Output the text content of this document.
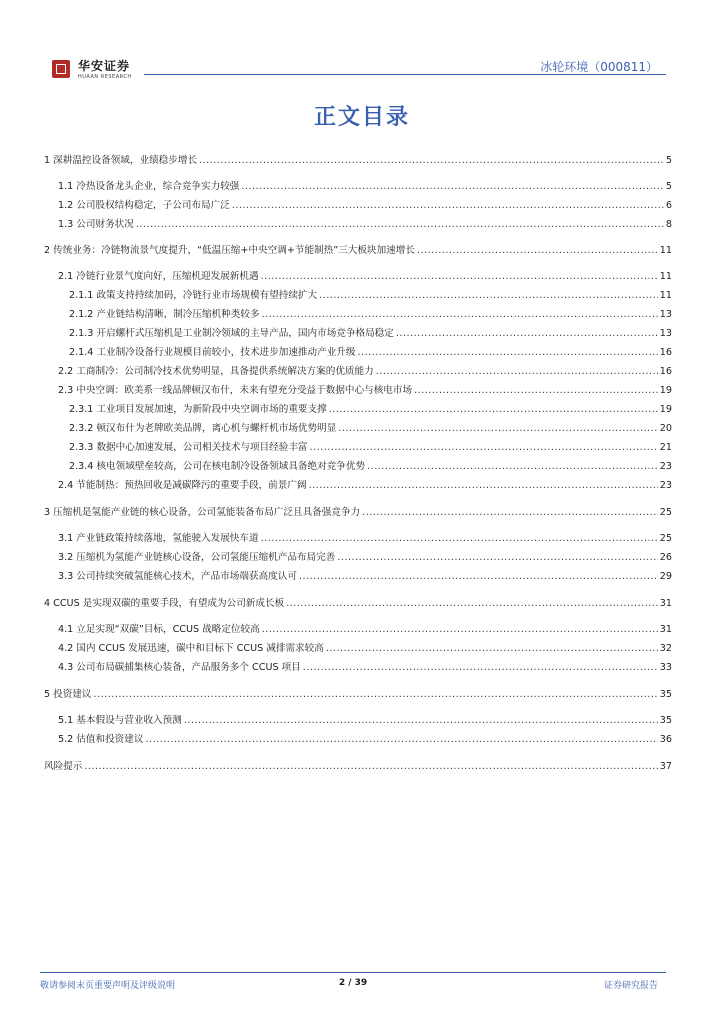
华安证券
HUAAN RESEARCH
冰轮环境（000811）
正文目录
1 深耕温控设备领域，业绩稳步增长 .....	5
1.1 冷热设备龙头企业，综合竞争实力较强 .....	5
1.2 公司股权结构稳定，子公司布局广泛 .....	6
1.3 公司财务状况 .....	8
2 传统业务：冷链物流景气度提升，“低温压缩+中央空调+节能制热”三大板块加速增长 .....	11
2.1 冷链行业景气度向好，压缩机迎发展新机遇 .....	11
2.1.1 政策支持持续加码，冷链行业市场规模有望持续扩大 .....	11
2.1.2 产业链结构清晰，制冷压缩机种类较多 .....	13
2.1.3 开启螺杆式压缩机是工业制冷领域的主导产品，国内市场竞争格局稳定 .....	13
2.1.4 工业制冷设备行业规模目前较小，技术进步加速推动产业升级 .....	16
2.2 工商制冷：公司制冷技术优势明显，具备提供系统解决方案的优质能力 .....	16
2.3 中央空调：欧美系一线品牌顿汉布什，未来有望充分受益于数据中心与核电市场 .....	19
2.3.1 工业项目发展加速，为新阶段中央空调市场的重要支撑 .....	19
2.3.2 顿汉布什为老牌欧美品牌，离心机与螺杆机市场优势明显 .....	20
2.3.3 数据中心加速发展，公司相关技术与项目经验丰富 .....	21
2.3.4 核电领域壁垒较高，公司在核电制冷设备领域具备绝对竞争优势 .....	23
2.4 节能制热：预热回收是减碳降污的重要手段，前景广阔 .....	23
3 压缩机是氢能产业链的核心设备，公司氢能装备布局广泛且具备强竞争力 .....	25
3.1 产业链政策持续落地，氢能驶入发展快车道 .....	25
3.2 压缩机为氢能产业链核心设备，公司氢能压缩机产品布局完善 .....	26
3.3 公司持续突破氢能核心技术，产品市场端获高度认可 .....	29
4 CCUS 是实现双碳的重要手段，有望成为公司新成长板 .....	31
4.1 立足实现“双碳”目标，CCUS 战略定位较高 .....	31
4.2 国内 CCUS 发展迅速，碳中和目标下 CCUS 减排需求较高 .....	32
4.3 公司布局碳捕集核心装备，产品服务多个 CCUS 项目 .....	33
5 投资建议 .....	35
5.1 基本假设与营业收入预测 .....	35
5.2 估值和投资建议 .....	36
风险提示 .....	37
敬请参阅末页重要声明及评级说明	2 / 39	证券研究报告
